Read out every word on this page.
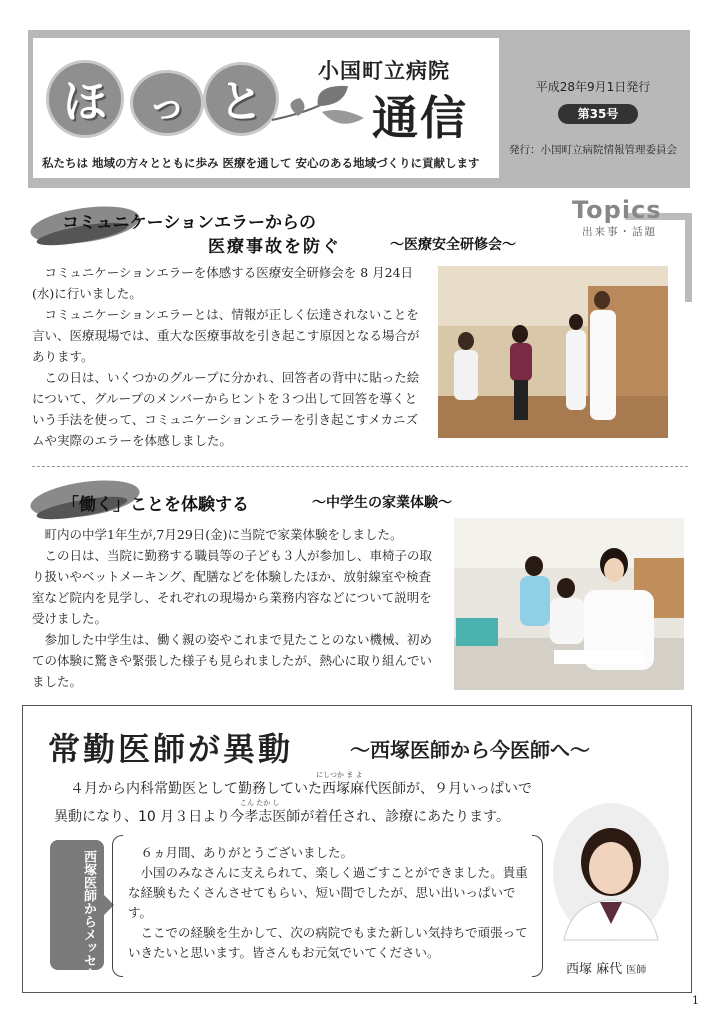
ほ	っ と
小国町立病院
通信
私たちは 地域の方々とともに歩み 医療を通して 安心のある地域づくりに貢献します
平成28年9月1日発行
第35号
発行：小国町立病院情報管理委員会
Topics
出来事・話題
コミュニケーションエラーからの
医療事故を防ぐ	～医療安全研修会～

コミュニケーションエラーを体感する医療安全研修会を 8 月24日(水)に行いました。

コミュニケーションエラーとは、情報が正しく伝達されないことを言い、医療現場では、重大な医療事故を引き起こす原因となる場合があります。

この日は、いくつかのグループに分かれ、回答者の背中に貼った絵について、グループのメンバーからヒントを３つ出して回答を導くという手法を使って、コミュニケーションエラーを引き起こすメカニズムや実際のエラーを体感しました。

「働く」ことを体験する	～中学生の家業体験～

町内の中学1年生が,7月29日(金)に当院で家業体験をしました。

この日は、当院に勤務する職員等の子ども３人が参加し、車椅子の取り扱いやベットメーキング、配膳などを体験したほか、放射線室や検査室など院内を見学し、それぞれの現場から業務内容などについて説明を受けました。

参加した中学生は、働く親の姿やこれまで見たことのない機械、初めての体験に驚きや緊張した様子も見られましたが、熱心に取り組んでいました。

常勤医師が異動	～西塚医師から今医師へ～
にしつか ま よ
４月から内科常勤医として勤務していた西塚麻代医師が、９月いっぱいで
こん たか し
異動になり、10 月３日より今孝志医師が着任され、診療にあたります。
西塚医師からメッセージ	６ヵ月間、ありがとうございました。

小国のみなさんに支えられて、楽しく過ごすことができました。貴重な経験もたくさんさせてもらい、短い間でしたが、思い出いっぱいです。

ここでの経験を生かして、次の病院でもまた新しい気持ちで頑張っていきたいと思います。皆さんもお元気でいてください。

西塚 麻代 医師
1
